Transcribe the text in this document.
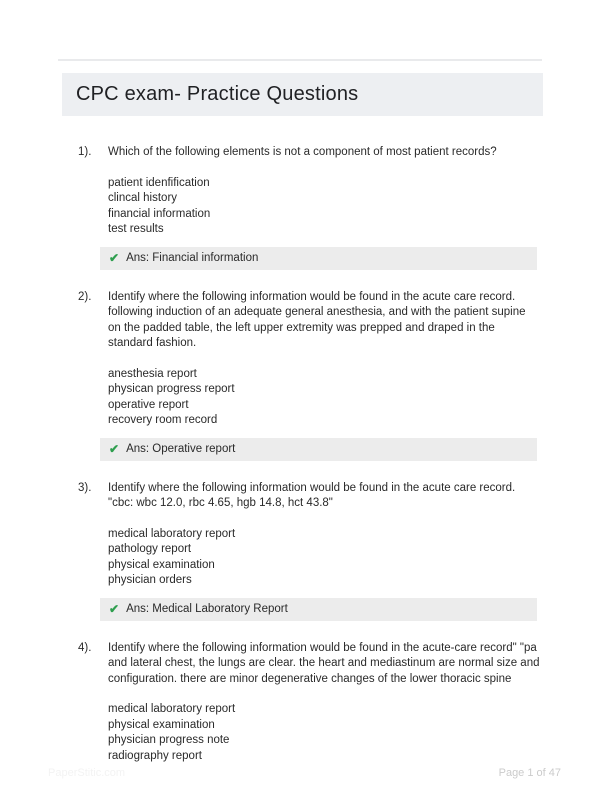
CPC exam- Practice Questions
1).	Which of the following elements is not a component of most patient records?

patient idenfification
clincal history
financial information
test results
✔ Ans: Financial information
2).	Identify where the following information would be found in the acute care record. following induction of an adequate general anesthesia, and with the patient supine on the padded table, the left upper extremity was prepped and draped in the standard fashion.

anesthesia report
physican progress report
operative report
recovery room record
✔ Ans: Operative report
3).	Identify where the following information would be found in the acute care record. "cbc: wbc 12.0, rbc 4.65, hgb 14.8, hct 43.8"

medical laboratory report
pathology report
physical examination
physician orders
✔ Ans: Medical Laboratory Report
4).	Identify where the following information would be found in the acute-care record" "pa and lateral chest, the lungs are clear. the heart and mediastinum are normal size and configuration. there are minor degenerative changes of the lower thoracic spine

medical laboratory report
physical examination
physician progress note
radiography report
PaperStitic.com	Page 1 of 47
